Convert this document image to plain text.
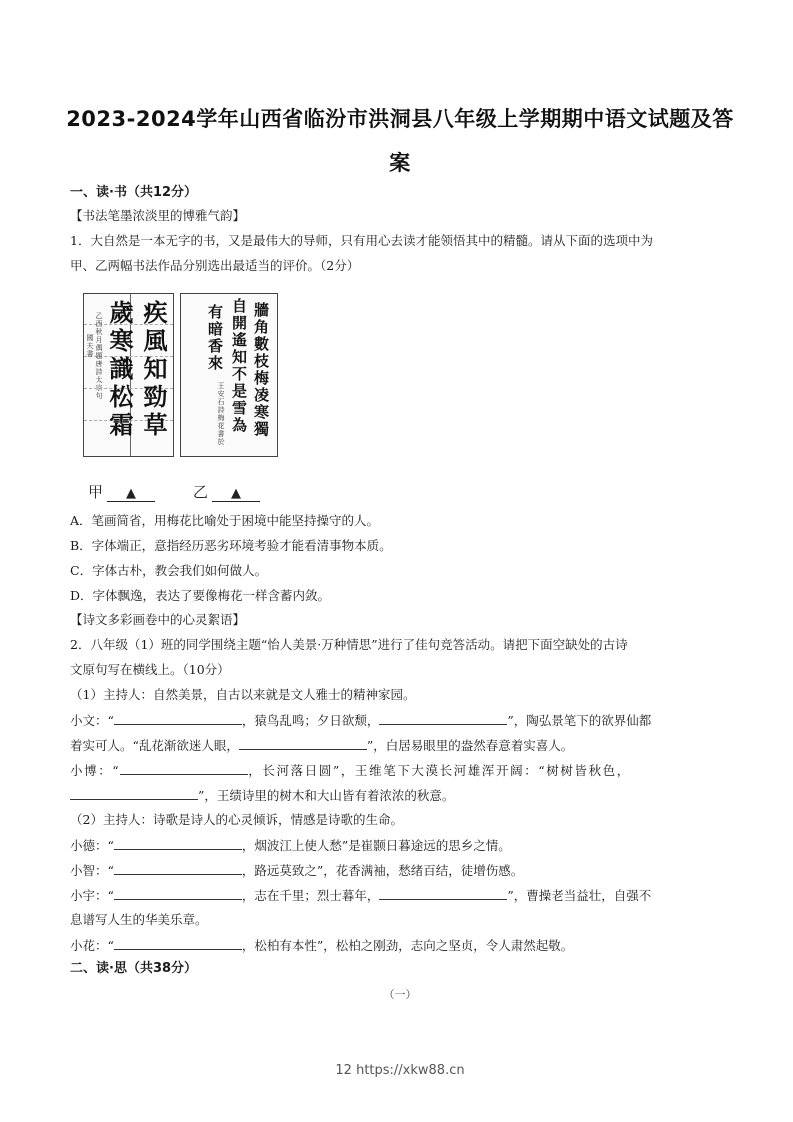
2023-2024学年山西省临汾市洪洞县八年级上学期期中语文试题及答
案
一、读·书（共12分）
【书法笔墨浓淡里的博雅气韵】
1．大自然是一本无字的书，又是最伟大的导师，只有用心去读才能领悟其中的精髓。请从下面的选项中为
甲、乙两幅书法作品分别选出最适当的评价。（2分）
疾風知勁草
歲寒識松霜
乙酉秋月偶題唐詩太宗句
國夫書	牆角數枝梅凌寒獨
自開遙知不是雪為
有暗香來
王安石詩梅花書於
甲 ▲	乙 ▲
A．笔画简省，用梅花比喻处于困境中能坚持操守的人。
B．字体端正，意指经历恶劣环境考验才能看清事物本质。
C．字体古朴，教会我们如何做人。
D．字体飘逸，表达了要像梅花一样含蓄内敛。
【诗文多彩画卷中的心灵絮语】
2．八年级（1）班的同学围绕主题“怡人美景·万种情思”进行了佳句竞答活动。请把下面空缺处的古诗
文原句写在横线上。（10分）
（1）主持人：自然美景，自古以来就是文人雅士的精神家园。
小文：“	，猿鸟乱鸣；夕日欲颓，	”，陶弘景笔下的欲界仙都
着实可人。“乱花渐欲迷人眼，	”，白居易眼里的盎然春意着实喜人。
小博：“	，长河落日圆”，王维笔下大漠长河雄浑开阔：“树树皆秋色，
”，王绩诗里的树木和大山皆有着浓浓的秋意。
（2）主持人：诗歌是诗人的心灵倾诉，情感是诗歌的生命。
小德：“	，烟波江上使人愁”是崔颢日暮途远的思乡之情。
小智：“	，路远莫致之”，花香满袖，愁绪百结，徒增伤感。
小宇：“	，志在千里；烈士暮年，	”，曹操老当益壮，自强不
息谱写人生的华美乐章。
小花：“	，松柏有本性”，松柏之刚劲，志向之坚贞，令人肃然起敬。
二、读·思（共38分）
（一）
12 https://xkw88.cn
